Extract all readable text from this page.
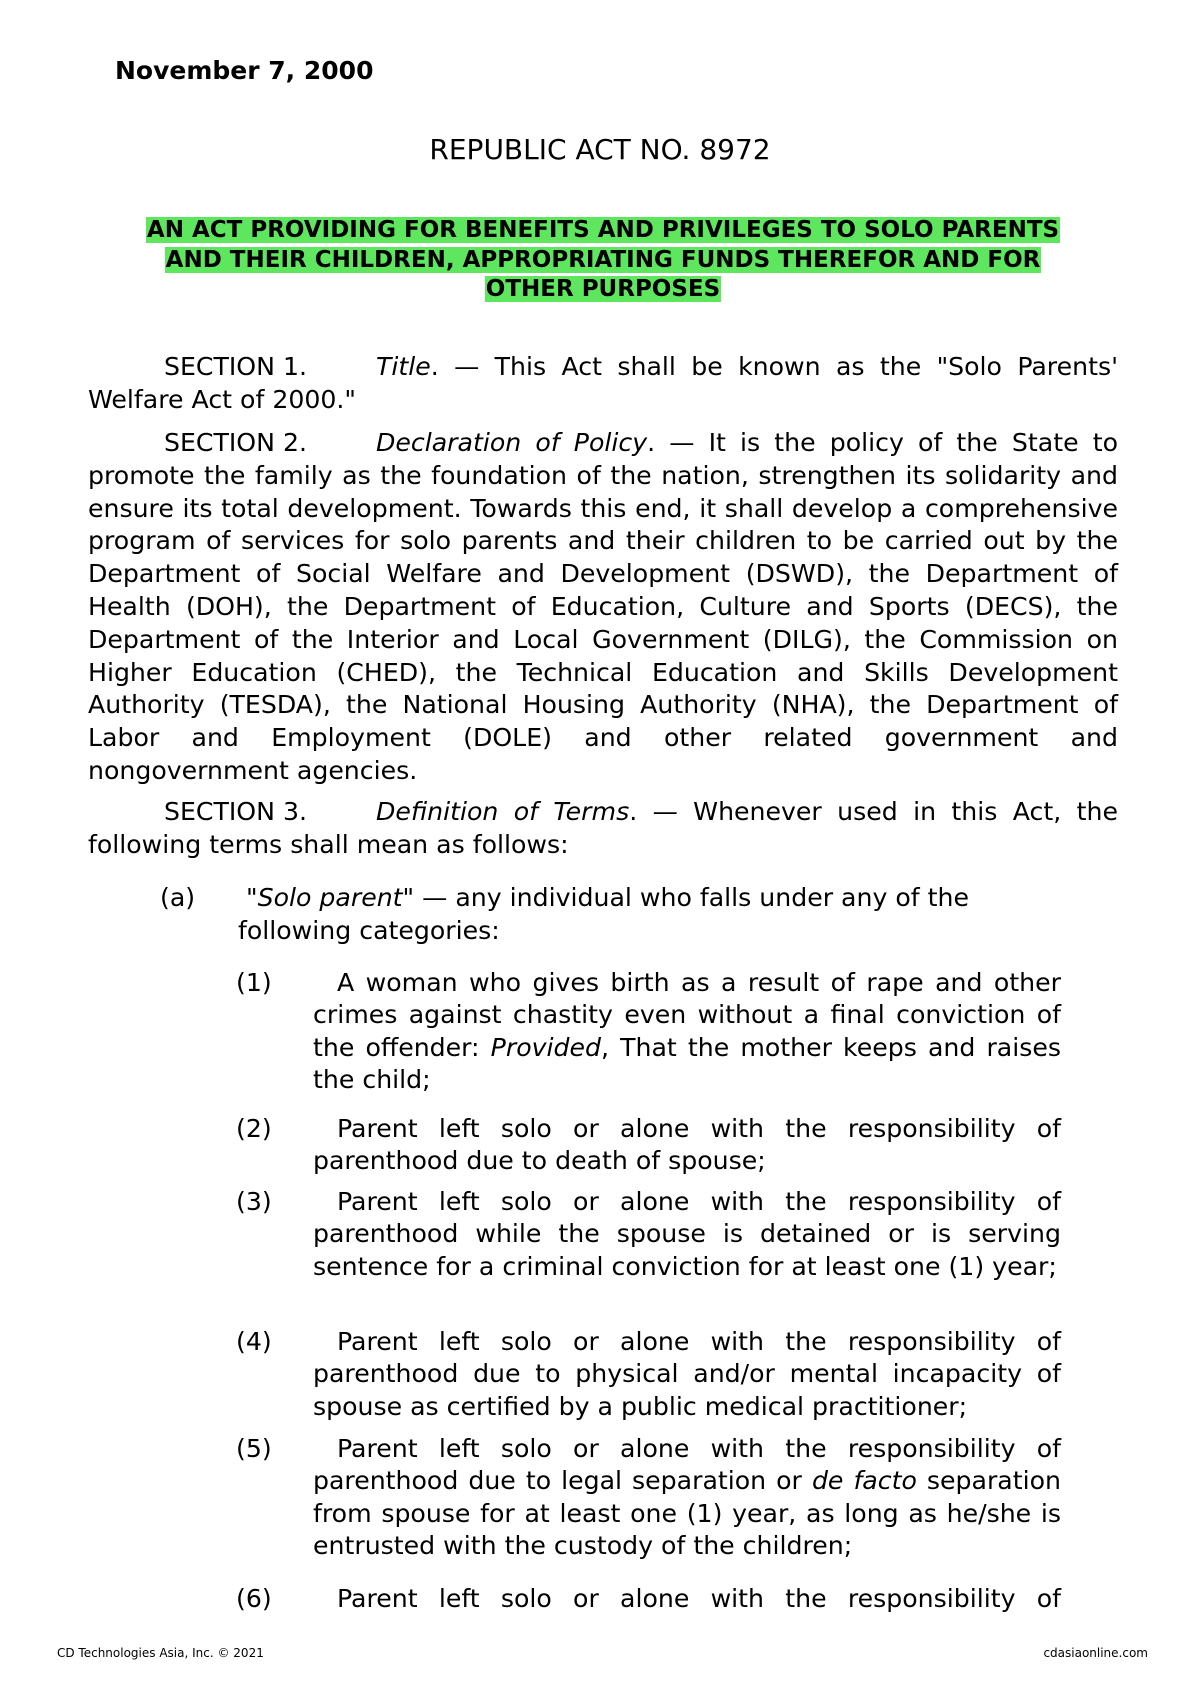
November 7, 2000
REPUBLIC ACT NO. 8972
AN ACT PROVIDING FOR BENEFITS AND PRIVILEGES TO SOLO PARENTS
AND THEIR CHILDREN, APPROPRIATING FUNDS THEREFOR AND FOR
OTHER PURPOSES
SECTION 1.	Title. — This Act shall be known as the "Solo Parents' Welfare Act of 2000."
SECTION 2.	Declaration of Policy. — It is the policy of the State to promote the family as the foundation of the nation, strengthen its solidarity and ensure its total development. Towards this end, it shall develop a comprehensive program of services for solo parents and their children to be carried out by the Department of Social Welfare and Development (DSWD), the Department of Health (DOH), the Department of Education, Culture and Sports (DECS), the Department of the Interior and Local Government (DILG), the Commission on Higher Education (CHED), the Technical Education and Skills Development Authority (TESDA), the National Housing Authority (NHA), the Department of Labor and Employment (DOLE) and other related government and nongovernment agencies.
SECTION 3.	Definition of Terms. — Whenever used in this Act, the following terms shall mean as follows:
(a)	"Solo parent" — any individual who falls under any of the following categories:
(1)	A woman who gives birth as a result of rape and other crimes against chastity even without a final conviction of the offender: Provided, That the mother keeps and raises the child;
(2)	Parent left solo or alone with the responsibility of parenthood due to death of spouse;
(3)	Parent left solo or alone with the responsibility of parenthood while the spouse is detained or is serving sentence for a criminal conviction for at least one (1) year;
(4)	Parent left solo or alone with the responsibility of parenthood due to physical and/or mental incapacity of spouse as certified by a public medical practitioner;
(5)	Parent left solo or alone with the responsibility of parenthood due to legal separation or de facto separation from spouse for at least one (1) year, as long as he/she is entrusted with the custody of the children;
(6)	Parent left solo or alone with the responsibility of
CD Technologies Asia, Inc. © 2021	cdasiaonline.com
